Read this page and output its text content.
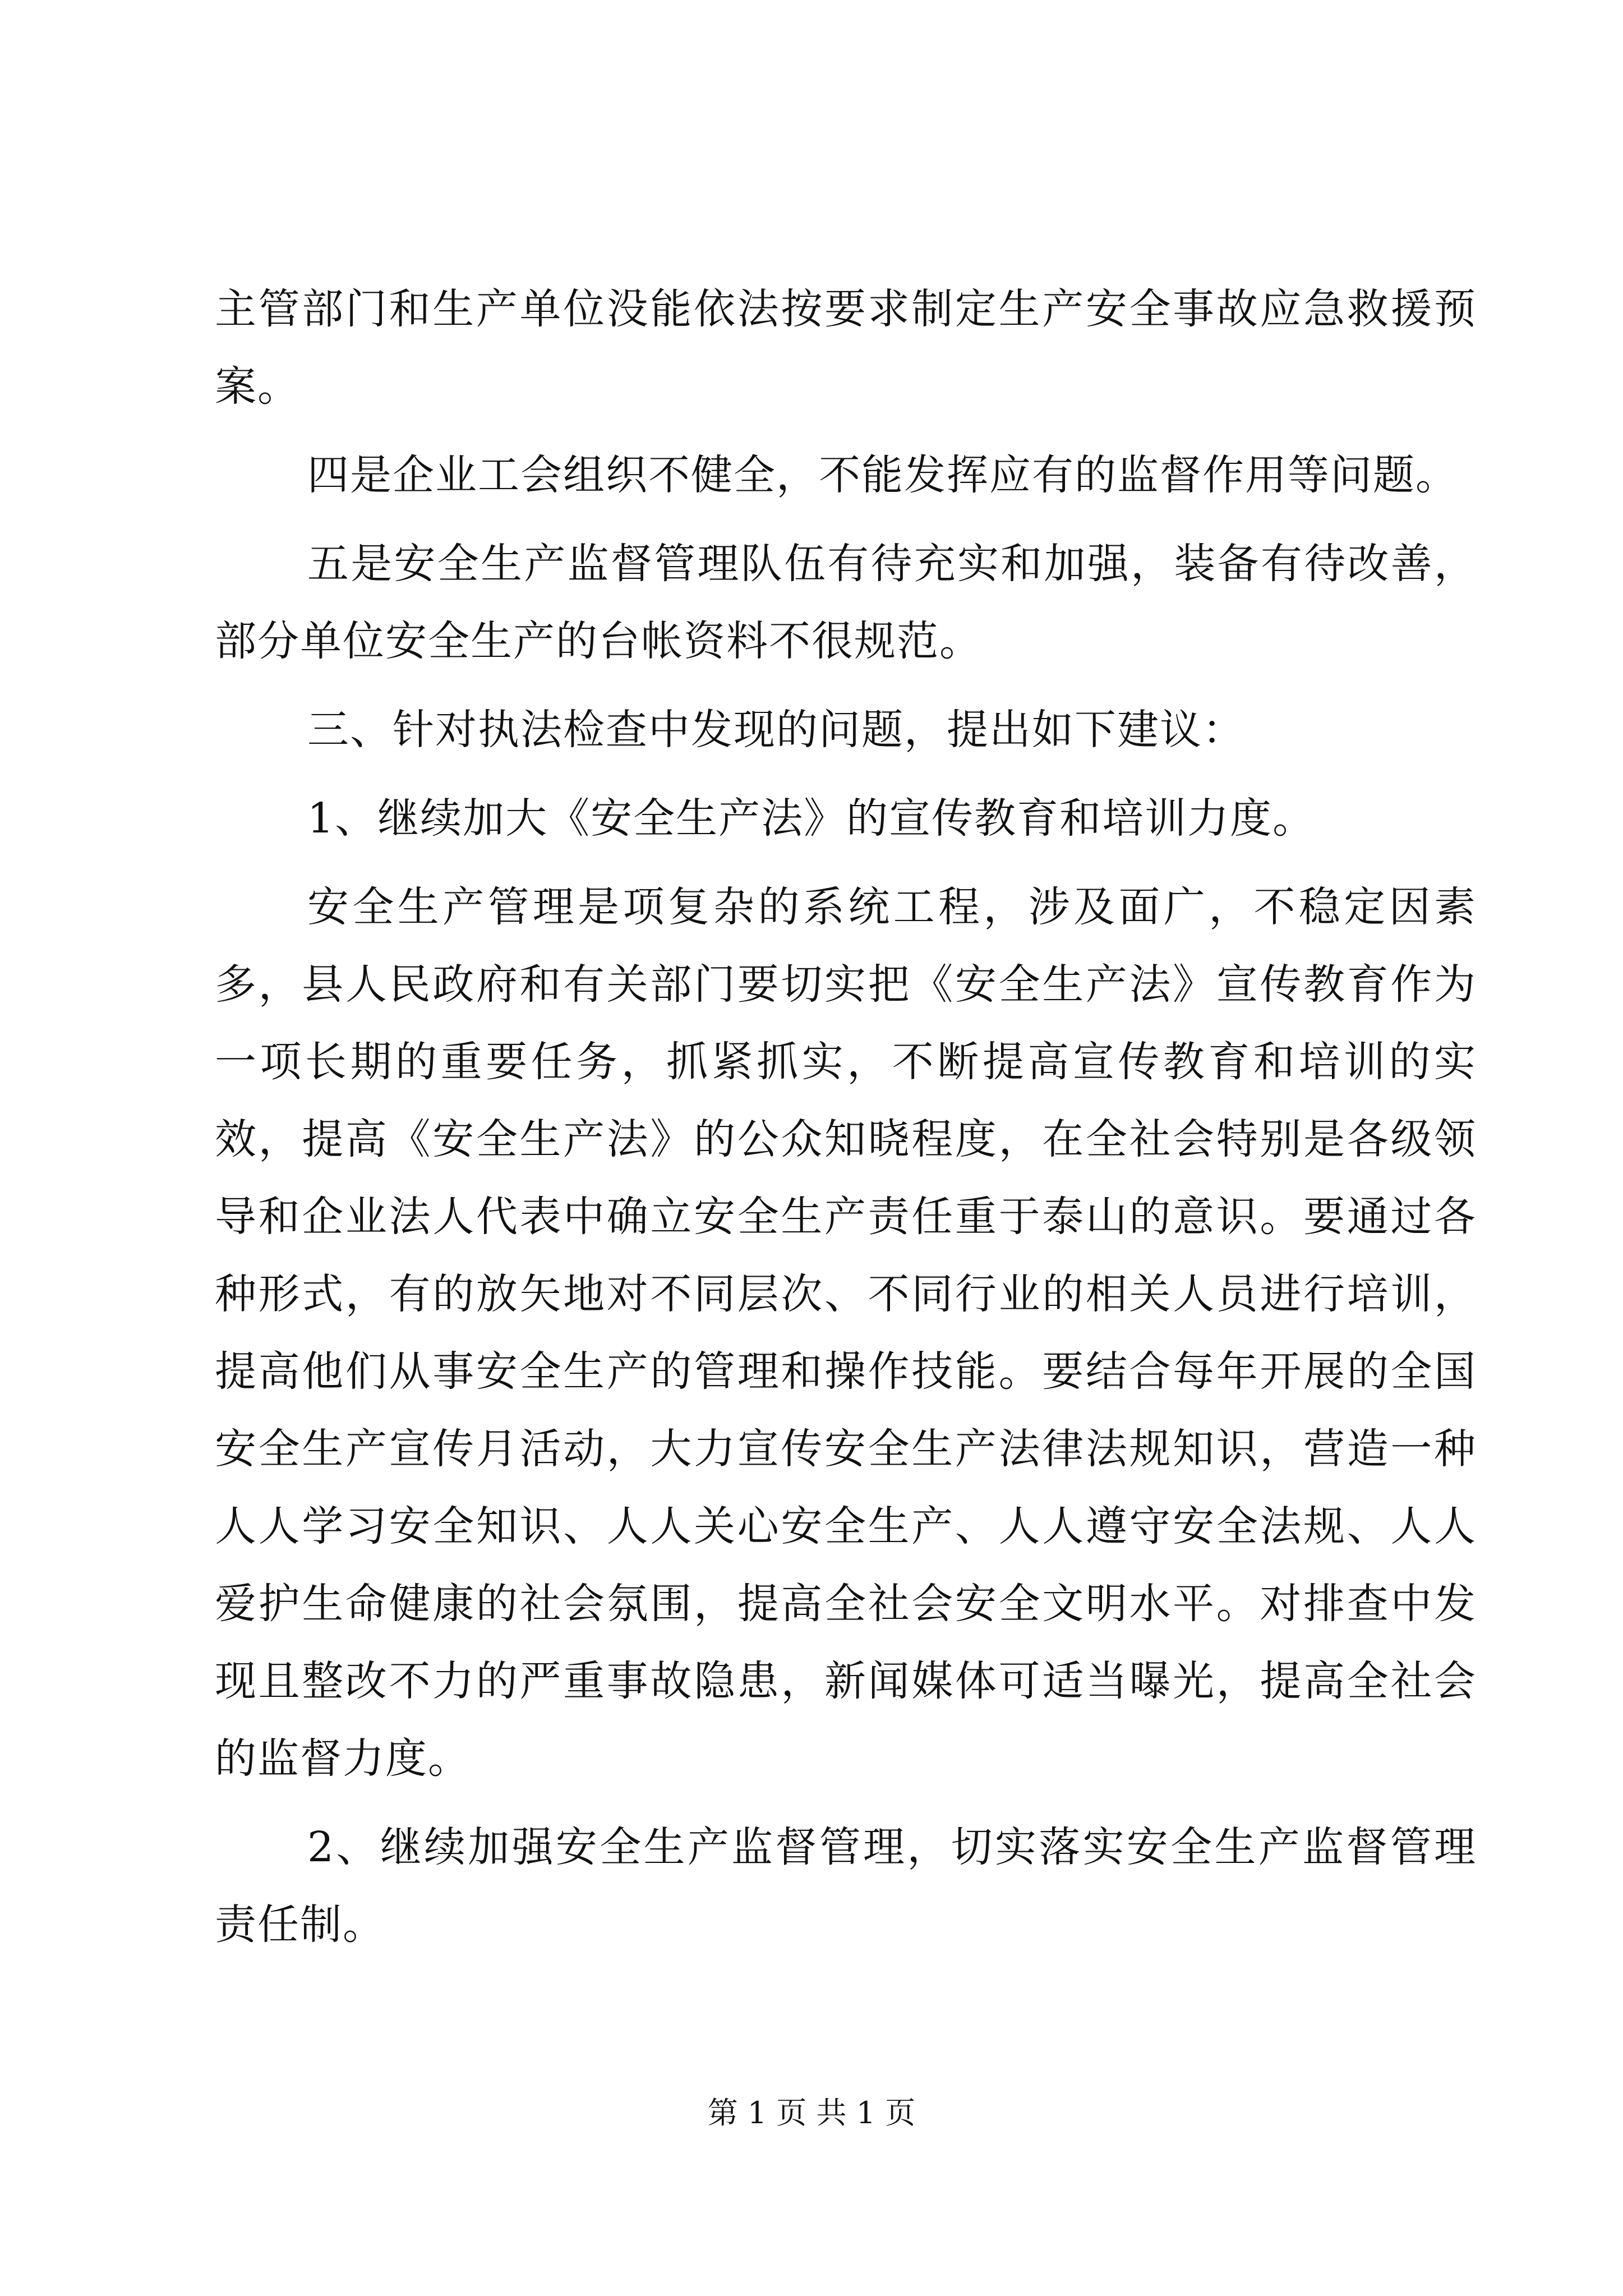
主管部门和生产单位没能依法按要求制定生产安全事故应急救援预案。

四是企业工会组织不健全，不能发挥应有的监督作用等问题。

五是安全生产监督管理队伍有待充实和加强，装备有待改善，部分单位安全生产的台帐资料不很规范。

三、针对执法检查中发现的问题，提出如下建议：

1、继续加大《安全生产法》的宣传教育和培训力度。

安全生产管理是项复杂的系统工程，涉及面广，不稳定因素多，县人民政府和有关部门要切实把《安全生产法》宣传教育作为一项长期的重要任务，抓紧抓实，不断提高宣传教育和培训的实效，提高《安全生产法》的公众知晓程度，在全社会特别是各级领导和企业法人代表中确立安全生产责任重于泰山的意识。要通过各种形式，有的放矢地对不同层次、不同行业的相关人员进行培训，提高他们从事安全生产的管理和操作技能。要结合每年开展的全国安全生产宣传月活动，大力宣传安全生产法律法规知识，营造一种人人学习安全知识、人人关心安全生产、人人遵守安全法规、人人爱护生命健康的社会氛围，提高全社会安全文明水平。对排查中发现且整改不力的严重事故隐患，新闻媒体可适当曝光，提高全社会的监督力度。

2、继续加强安全生产监督管理，切实落实安全生产监督管理责任制。

第 1 页 共 1 页
